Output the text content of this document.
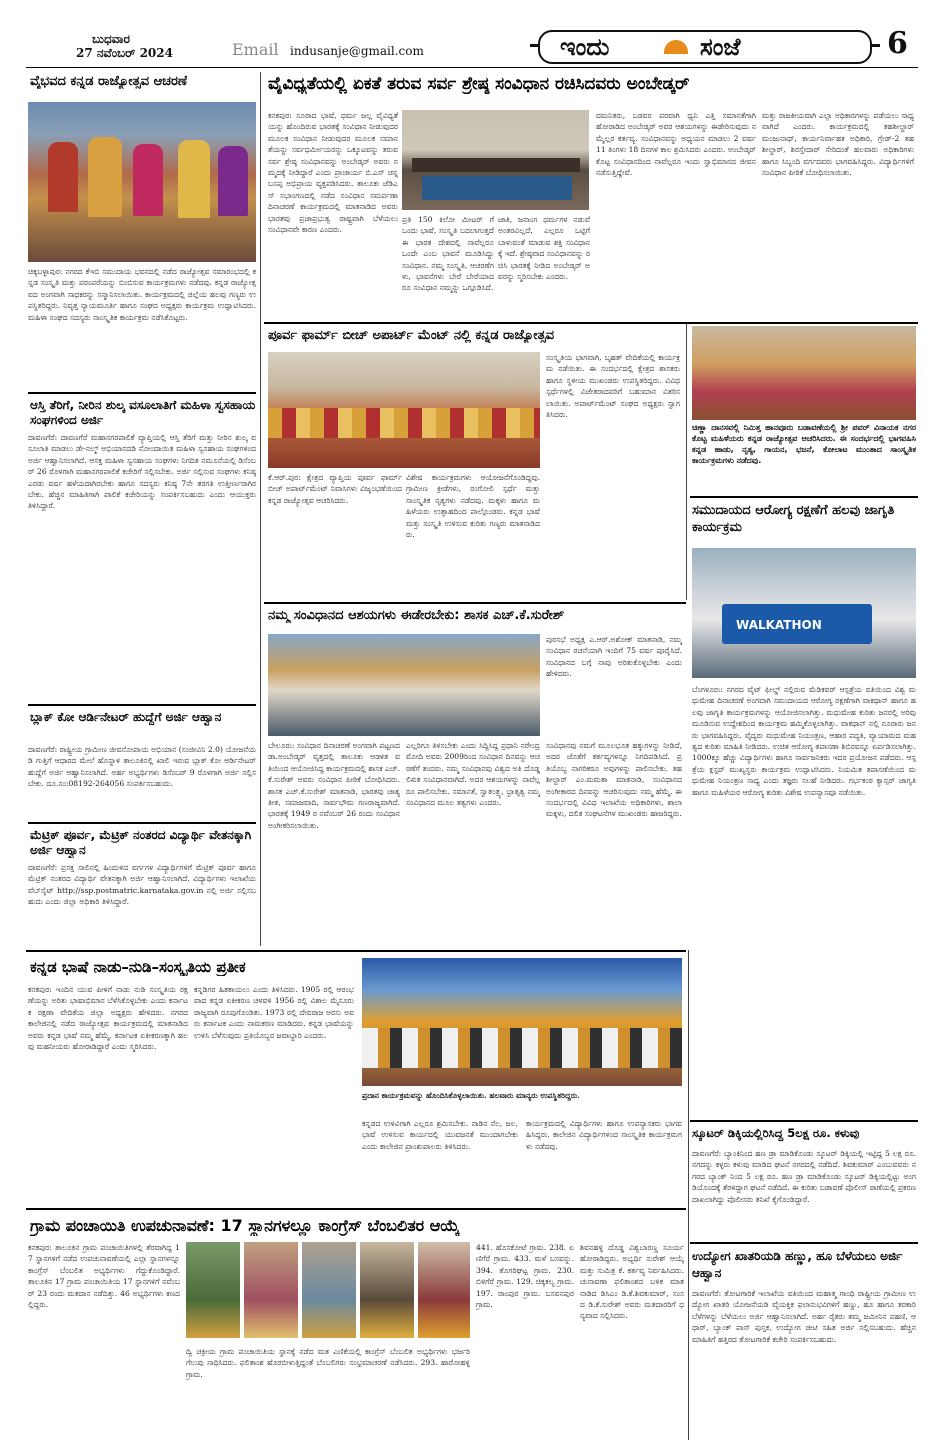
ಬುಧವಾರ
27 ನವೆಂಬರ್ 2024	Email indusanje@gmail.com	ಇಂದು	ಸಂಜೆ	6
ವೈಭವದ ಕನ್ನಡ ರಾಜ್ಯೋತ್ಸವ ಆಚರಣೆ
ಚಿಕ್ಕಬಳ್ಳಾಪುರ: ನಗರದ ಕೆಇಬಿ ಸಮುದಾಯ ಭವನದಲ್ಲಿ ನಡೆದ ರಾಜ್ಯೋತ್ಸವ ಸಮಾರಂಭದಲ್ಲಿ ಕನ್ನಡ ಸಂಸ್ಕೃತಿ ಮತ್ತು ಪರಂಪರೆಯನ್ನು ಬಿಂಬಿಸುವ ಕಾರ್ಯಕ್ರಮಗಳು ನಡೆದವು. ಕನ್ನಡ ರಾಜ್ಯೋತ್ಸವದ ಅಂಗವಾಗಿ ಸಾಧಕರನ್ನು ಸನ್ಮಾನಿಸಲಾಯಿತು. ಕಾರ್ಯಕ್ರಮದಲ್ಲಿ ಜಿಲ್ಲೆಯ ಹಲವು ಗಣ್ಯರು ಉಪಸ್ಥಿತರಿದ್ದರು. ನಿವೃತ್ತ ನ್ಯಾಯಮೂರ್ತಿ ಹಾಗೂ ಸಂಘದ ಅಧ್ಯಕ್ಷರು ಕಾರ್ಯಕ್ರಮ ಉದ್ಘಾಟಿಸಿದರು. ಮಹಿಳಾ ಸಂಘದ ಸದಸ್ಯರು ಸಾಂಸ್ಕೃತಿಕ ಕಾರ್ಯಕ್ರಮ ನಡೆಸಿಕೊಟ್ಟರು.
ಆಸ್ತಿ ತೆರಿಗೆ, ನೀರಿನ ಶುಲ್ಕ ವಸೂಲಾತಿಗೆ ಮಹಿಳಾ ಸ್ವಸಹಾಯ ಸಂಘಗಳಿಂದ ಅರ್ಜಿ
ದಾವಣಗೆರೆ: ದಾವಣಗೆರೆ ಮಹಾನಗರಪಾಲಿಕೆ ವ್ಯಾಪ್ತಿಯಲ್ಲಿ ಆಸ್ತಿ ತೆರಿಗೆ ಮತ್ತು ನೀರಿನ ಶುಲ್ಕ ವಸೂಲಾತಿ ಮಾಡಲು ಡೇ-ನಲ್ಮ್ ಅಭಿಯಾನದಡಿ ನೋಂದಾಯಿತ ಮಹಿಳಾ ಸ್ವಸಹಾಯ ಸಂಘಗಳಿಂದ ಅರ್ಜಿ ಆಹ್ವಾನಿಸಲಾಗಿದೆ. ಆಸಕ್ತ ಮಹಿಳಾ ಸ್ವಸಹಾಯ ಸಂಘಗಳು ನಿಗದಿತ ನಮೂನೆಯಲ್ಲಿ ಡಿಸೆಂಬರ್ 26 ರೊಳಗಾಗಿ ಮಹಾನಗರಪಾಲಿಕೆ ಕಚೇರಿಗೆ ಸಲ್ಲಿಸಬೇಕು. ಅರ್ಜಿ ಸಲ್ಲಿಸುವ ಸಂಘಗಳು ಕನಿಷ್ಠ ಎರಡು ವರ್ಷ ಹಳೆಯದಾಗಿರಬೇಕು ಹಾಗೂ ಸದಸ್ಯರು ಕನಿಷ್ಠ 7ನೇ ತರಗತಿ ಉತ್ತೀರ್ಣರಾಗಿರಬೇಕು. ಹೆಚ್ಚಿನ ಮಾಹಿತಿಗಾಗಿ ಪಾಲಿಕೆ ಕಚೇರಿಯನ್ನು ಸಂಪರ್ಕಿಸಬಹುದು ಎಂದು ಆಯುಕ್ತರು ತಿಳಿಸಿದ್ದಾರೆ.
ಬ್ಲಾಕ್ ಕೋ ಆರ್ಡಿನೇಟರ್ ಹುದ್ದೆಗೆ ಅರ್ಜಿ ಆಹ್ವಾನ
ದಾವಣಗೆರೆ: ರಾಷ್ಟ್ರೀಯ ಗ್ರಾಮೀಣ ಜೀವನೋಪಾಯ ಅಭಿಯಾನ (ಸಂಜೀವಿನಿ 2.0) ಯೋಜನೆಯಡಿ ಗುತ್ತಿಗೆ ಆಧಾರದ ಮೇಲೆ ಹೊನ್ನಾಳಿ ತಾಲೂಕಿನಲ್ಲಿ ಖಾಲಿ ಇರುವ ಬ್ಲಾಕ್ ಕೋ ಆರ್ಡಿನೇಟರ್ ಹುದ್ದೆಗೆ ಅರ್ಜಿ ಆಹ್ವಾನಿಸಲಾಗಿದೆ. ಅರ್ಹ ಅಭ್ಯರ್ಥಿಗಳು ಡಿಸೆಂಬರ್ 9 ರೊಳಗಾಗಿ ಅರ್ಜಿ ಸಲ್ಲಿಸಬೇಕು. ದೂ.ಸಂ:08192-264056 ಸಂಪರ್ಕಿಸಬಹುದು.
ಮೆಟ್ರಿಕ್ ಪೂರ್ವ, ಮೆಟ್ರಿಕ್ ನಂತರದ ವಿದ್ಯಾರ್ಥಿ ವೇತನಕ್ಕಾಗಿ ಅರ್ಜಿ ಆಹ್ವಾನ
ದಾವಣಗೆರೆ: ಪ್ರಸಕ್ತ ಸಾಲಿನಲ್ಲಿ ಹಿಂದುಳಿದ ವರ್ಗಗಳ ವಿದ್ಯಾರ್ಥಿಗಳಿಗೆ ಮೆಟ್ರಿಕ್ ಪೂರ್ವ ಹಾಗೂ ಮೆಟ್ರಿಕ್ ನಂತರದ ವಿದ್ಯಾರ್ಥಿ ವೇತನಕ್ಕಾಗಿ ಅರ್ಜಿ ಆಹ್ವಾನಿಸಲಾಗಿದೆ. ವಿದ್ಯಾರ್ಥಿಗಳು ಇಲಾಖೆಯ ವೆಬ್‌ಸೈಟ್ http://ssp.postmatric.karnataka.gov.in ನಲ್ಲಿ ಅರ್ಜಿ ಸಲ್ಲಿಸಬಹುದು ಎಂದು ಜಿಲ್ಲಾ ಅಧಿಕಾರಿ ತಿಳಿಸಿದ್ದಾರೆ.
ವೈವಿಧ್ಯತೆಯಲ್ಲಿ ಏಕತೆ ತರುವ ಸರ್ವ ಶ್ರೇಷ್ಠ ಸಂವಿಧಾನ ರಚಿಸಿದವರು ಅಂಬೇಡ್ಕರ್
ಕನಕಪುರ: ಸೂರಾದ ಭಾಷೆ, ಧರ್ಮ ಜಲ್ಲ ವೈವಿಧ್ಯತೆ ಯನ್ನು ಹೊಂದಿರುವ ಭಾರತಕ್ಕೆ ಸಂವಿಧಾನ ನೀಡುವುದರ ಮೂಲಕ ಸಂವಿಧಾನ ನೀಡುವುದರ ಮೂಲಕ ಸಮಾನತೆಯನ್ನು ಸರ್ವಧರ್ಮೀಯರನ್ನು ಒಕ್ಕೂಟವನ್ನು ತರುವ ಸರ್ವ ಶ್ರೇಷ್ಠ ಸಂವಿಧಾನವನ್ನು ಅಂಬೇಡ್ಕರ್ ಅವರು ನಮ್ಮದಕ್ಕೆ ನೀಡಿದ್ದಾರೆ ಎಂದು ಪ್ರಾಚಾರ್ಯ ಬಿ.ಎಸ್ ಚನ್ನಬಸಪ್ಪ ಅಭಿಪ್ರಾಯ ವ್ಯಕ್ತಪಡಿಸಿದರು. ತಾಲೂಕು ಜೆಡಿಎಸ್ ಸಭಾಂಗಣದಲ್ಲಿ ನಡೆದ ಸಂವಿಧಾನ ಸಮರ್ಪಣಾ ದಿನಾಚರಣೆ ಕಾರ್ಯಕ್ರಮದಲ್ಲಿ ಮಾತನಾಡಿದ ಅವರು ಭಾರತವು ಪ್ರಜಾಪ್ರಭುತ್ವ ರಾಷ್ಟ್ರವಾಗಿ ಬೆಳೆಯಲು ಸಂವಿಧಾನವೇ ಕಾರಣ ಎಂದರು.
ಪ್ರತಿ 150 ಕಿಲೋ ಮೀಟರ್ ಗೆ ಒಂದು ಭಾಷೆ, ಸಂಸ್ಕೃತಿ ಬದಲಾಗುತ್ತದೆ ಈ ಭಾರತ ದೇಶದಲ್ಲಿ ನಾವೆಲ್ಲರೂ ಒಂದೇ ಎಂಬ ಭಾವನೆ ಮೂಡಿಸಿದ್ದು ಸಂವಿಧಾನ. ನಮ್ಮ ಸಂಸ್ಕೃತಿ, ಆಚರಣೆಗಳು, ಭಾವನೆಗಳು ಬೇರೆ ಬೇರೆಯಾದರೂ ಸಂವಿಧಾನ ನಮ್ಮನ್ನು ಒಗ್ಗೂಡಿಸಿದೆ.
ಜಾತಿ, ಜನಾಂಗ ಧರ್ಮಗಳ ನಡುವೆ ಅಂತರವಿಲ್ಲದೆ, ಎಲ್ಲರೂ ಒಟ್ಟಿಗೆ ಬಾಳುವಂತೆ ಮಾಡುವ ಶಕ್ತಿ ಸಂವಿಧಾನಕ್ಕೆ ಇದೆ. ಶ್ರೇಷ್ಠವಾದ ಸಂವಿಧಾನವನ್ನು ರಚಿಸಿ ಭಾರತಕ್ಕೆ ನೀಡಿದ ಅಂಬೇಡ್ಕರ್ ಅವರನ್ನು ಸ್ಮರಿಸಬೇಕು ಎಂದರು.
ದಮನಿತರು, ಬಡವರ ಪರವಾಗಿ ಧ್ವನಿ ಎತ್ತಿ ಸಮಾನತೆಗಾಗಿ ಹೋರಾಡಿದ ಅಂಬೇಡ್ಕರ್ ಅವರ ಆಶಯಗಳನ್ನು ಈಡೇರಿಸುವುದು ನಮ್ಮೆಲ್ಲರ ಕರ್ತವ್ಯ. ಸಂವಿಧಾನವನ್ನು ಅಧ್ಯಯನ ಮಾಡಲು 2 ವರ್ಷ 11 ತಿಂಗಳು 18 ದಿನಗಳ ಕಾಲ ಶ್ರಮಿಸಿದರು ಎಂದರು. ಅಂಬೇಡ್ಕರ್ ಕೊಟ್ಟ ಸಂವಿಧಾನದಿಂದ ನಾವೆಲ್ಲರೂ ಇಂದು ಸ್ವಾಭಿಮಾನದ ಜೀವನ ನಡೆಸುತ್ತಿದ್ದೇವೆ.
ಮತ್ತು ರಾಜಕೀಯವಾಗಿ ಎಲ್ಲಾ ಅಧಿಕಾರಗಳನ್ನು ಪಡೆಯಲು ಸಾಧ್ಯವಾಗಿದೆ ಎಂದರು. ಕಾರ್ಯಕ್ರಮದಲ್ಲಿ ತಹಶೀಲ್ದಾರ್ ಮಂಜುನಾಥ್, ಕಾರ್ಯನಿರ್ವಾಹಕ ಅಧಿಕಾರಿ, ಗ್ರೇಡ್-2 ತಹಶೀಲ್ದಾರ್, ಶಿರಸ್ತೇದಾರ್ ಸೇರಿದಂತೆ ಹಲವಾರು ಅಧಿಕಾರಿಗಳು ಹಾಗೂ ಸಿಬ್ಬಂದಿ ವರ್ಗದವರು ಭಾಗವಹಿಸಿದ್ದರು. ವಿದ್ಯಾರ್ಥಿಗಳಿಗೆ ಸಂವಿಧಾನ ಪೀಠಿಕೆ ಬೋಧಿಸಲಾಯಿತು.
ಪೂರ್ವ ಫಾರ್ಮ್ ಬೀಚ್ ಅಪಾರ್ಟ್ ಮೆಂಟ್ ನಲ್ಲಿ ಕನ್ನಡ ರಾಜ್ಯೋತ್ಸವ
ಕೆ.ಆರ್.ಪುರ: ಕ್ಷೇತ್ರದ ವ್ಯಾಪ್ತಿಯ ಪೂರ್ವ ಫಾರ್ಮ್ ಬೀಚ್ ಅಪಾರ್ಟ್‌ಮೆಂಟ್ ನಿವಾಸಿಗಳು ವಿಜೃಂಭಣೆಯಿಂದ ಕನ್ನಡ ರಾಜ್ಯೋತ್ಸವ ಆಚರಿಸಿದರು.
ವಿಶೇಷ ಕಾರ್ಯಕ್ರಮಗಳು ಆಯೋಜನೆಗೊಂಡಿದ್ದವು. ಗ್ರಾಮೀಣ ಕ್ರೀಡೆಗಳು, ರಂಗೋಲಿ ಸ್ಪರ್ಧೆ ಮತ್ತು ಸಾಂಸ್ಕೃತಿಕ ನೃತ್ಯಗಳು ನಡೆದವು. ಮಕ್ಕಳು ಹಾಗೂ ಮಹಿಳೆಯರು ಉತ್ಸಾಹದಿಂದ ಪಾಲ್ಗೊಂಡರು. ಕನ್ನಡ ಭಾಷೆ ಮತ್ತು ಸಂಸ್ಕೃತಿ ಉಳಿಸುವ ಕುರಿತು ಗಣ್ಯರು ಮಾತನಾಡಿದರು.
ಸಂಸ್ಕೃತಿಯ ಭಾಗವಾಗಿ, ಬೃಹತ್ ವೇದಿಕೆಯಲ್ಲಿ ಕಾರ್ಯಕ್ರಮ ನಡೆಯಿತು. ಈ ಸಂದರ್ಭದಲ್ಲಿ ಕ್ಷೇತ್ರದ ಶಾಸಕರು ಹಾಗೂ ಸ್ಥಳೀಯ ಮುಖಂಡರು ಉಪಸ್ಥಿತರಿದ್ದರು. ವಿವಿಧ ಸ್ಪರ್ಧೆಗಳಲ್ಲಿ ವಿಜೇತರಾದವರಿಗೆ ಬಹುಮಾನ ವಿತರಿಸಲಾಯಿತು. ಅಪಾರ್ಟ್‌ಮೆಂಟ್ ಸಂಘದ ಅಧ್ಯಕ್ಷರು ಸ್ವಾಗತಿಸಿದರು.
ಚಿಣ್ಣಾ ದಾನಸವಲ್ಲಿ ನಿಮಿತ್ತ ಹಾನವೂರು ಬಡಾವಣೆಯಲ್ಲಿ ಶ್ರೀ ಪವರ್ ವಿನಾಯಕ ನಗರ ಕೊಟ್ಟ ಮಹಿಳೆಯರು ಕನ್ನಡ ರಾಜ್ಯೋತ್ಸವ ಆಚರಿಸಿದರು. ಈ ಸಂದರ್ಭದಲ್ಲಿ ಭಾಗವಹಿಸಿ ಕನ್ನಡ ಹಾಡು, ನೃತ್ಯ, ಗಾಯನ, ಭಜನೆ, ಕೋಲಾಟ ಮುಂತಾದ ಸಾಂಸ್ಕೃತಿಕ ಕಾರ್ಯಕ್ರಮಗಳು ನಡೆದವು.
ಸಮುದಾಯದ ಆರೋಗ್ಯ ರಕ್ಷಣೆಗೆ ಹಲವು ಜಾಗೃತಿ ಕಾರ್ಯಕ್ರಮ
WALKATHON
ಬೆಂಗಳೂರು: ನಗರದ ವೈಟ್ ಫೀಲ್ಡ್ ನಲ್ಲಿರುವ ಮೆಡಿಕವರ್ ಆಸ್ಪತ್ರೆಯ ವತಿಯಿಂದ ವಿಶ್ವ ಮಧುಮೇಹ ದಿನಾಚರಣೆ ಅಂಗವಾಗಿ ಸಮುದಾಯದ ಆರೋಗ್ಯ ರಕ್ಷಣೆಗಾಗಿ ವಾಕಥಾನ್ ಹಾಗೂ ಹಲವು ಜಾಗೃತಿ ಕಾರ್ಯಕ್ರಮಗಳನ್ನು ಆಯೋಜಿಸಲಾಗಿತ್ತು. ಮಧುಮೇಹ ಕುರಿತು ಜನರಲ್ಲಿ ಅರಿವು ಮೂಡಿಸುವ ಉದ್ದೇಶದಿಂದ ಕಾರ್ಯಕ್ರಮ ಹಮ್ಮಿಕೊಳ್ಳಲಾಗಿತ್ತು. ವಾಕಥಾನ್ ನಲ್ಲಿ ನೂರಾರು ಜನರು ಭಾಗವಹಿಸಿದ್ದರು. ವೈದ್ಯರು ಮಧುಮೇಹ ನಿಯಂತ್ರಣ, ಆಹಾರ ಪದ್ಧತಿ, ವ್ಯಾಯಾಮದ ಮಹತ್ವದ ಕುರಿತು ಮಾಹಿತಿ ನೀಡಿದರು. ಉಚಿತ ಆರೋಗ್ಯ ತಪಾಸಣಾ ಶಿಬಿರವನ್ನೂ ಏರ್ಪಡಿಸಲಾಗಿತ್ತು. 1000ಕ್ಕೂ ಹೆಚ್ಚು ವಿದ್ಯಾರ್ಥಿಗಳು ಹಾಗೂ ಸಾರ್ವಜನಿಕರು ಇದರ ಪ್ರಯೋಜನ ಪಡೆದರು. ಆಸ್ಪತ್ರೆಯ ಕ್ಲಸ್ಟರ್ ಮುಖ್ಯಸ್ಥರು ಕಾರ್ಯಕ್ರಮ ಉದ್ಘಾಟಿಸಿದರು. ನಿಯಮಿತ ತಪಾಸಣೆಯಿಂದ ಮಧುಮೇಹ ನಿಯಂತ್ರಣ ಸಾಧ್ಯ ಎಂದು ತಜ್ಞರು ಸಲಹೆ ನೀಡಿದರು. ಗರ್ಭಕಂಠ ಕ್ಯಾನ್ಸರ್ ಜಾಗೃತಿ ಹಾಗೂ ಮಹಿಳೆಯರ ಆರೋಗ್ಯ ಕುರಿತು ವಿಶೇಷ ಉಪನ್ಯಾಸವೂ ನಡೆಯಿತು.
ನಮ್ಮ ಸಂವಿಧಾನದ ಆಶಯಗಳು ಈಡೇರಬೇಕು: ಶಾಸಕ ಎಚ್.ಕೆ.ಸುರೇಶ್
ಪುರಸಭೆ ಅಧ್ಯಕ್ಷ ಎ.ಆರ್.ಅಶೋಕ್ ಮಾತನಾಡಿ, ನಮ್ಮ ಸಂವಿಧಾನ ರಚನೆಯಾಗಿ ಇಂದಿಗೆ 75 ವರ್ಷ ಪೂರೈಸಿದೆ. ಸಂವಿಧಾನದ ಬಗ್ಗೆ ನಾವು ಅರಿತುಕೊಳ್ಳಬೇಕು ಎಂದು ಹೇಳಿದರು.
ಬೇಲೂರು: ಸಂವಿಧಾನ ದಿನಾಚರಣೆ ಅಂಗವಾಗಿ ಪಟ್ಟಣದ ಡಾ.ಅಂಬೇಡ್ಕರ್ ವೃತ್ತದಲ್ಲಿ ತಾಲೂಕು ಆಡಳಿತ ವತಿಯಿಂದ ಆಯೋಜಿಸಿದ್ದ ಕಾರ್ಯಕ್ರಮದಲ್ಲಿ ಶಾಸಕ ಎಚ್.ಕೆ.ಸುರೇಶ್ ಅವರು ಸಂವಿಧಾನ ಪೀಠಿಕೆ ಬೋಧಿಸಿದರು. ಶಾಸಕ ಎಚ್.ಕೆ.ಸುರೇಶ್ ಮಾತನಾಡಿ, ಭಾರತವು ಜಾತ್ಯತೀತ, ಸಮಾಜವಾದಿ, ಸಾರ್ವಭೌಮ ಗಣರಾಜ್ಯವಾಗಿದೆ. ಭಾರತಕ್ಕೆ 1949 ರ ನವೆಂಬರ್ 26 ರಂದು ಸಂವಿಧಾನ ಅಂಗೀಕರಿಸಲಾಯಿತು.
ಎಲ್ಲರಿಗೂ ತಿಳಿಸಬೇಕು ಎಂದು ಸಿದ್ದಿಸಿದ್ದ ಪ್ರಧಾನಿ ನರೇಂದ್ರ ಮೋದಿ ಅವರು 2009ರಿಂದ ಸಂವಿಧಾನ ದಿನವನ್ನು ಆಚರಣೆಗೆ ತಂದರು. ನಮ್ಮ ಸಂವಿಧಾನವು ವಿಶ್ವದ ಅತಿ ದೊಡ್ಡ ಲಿಖಿತ ಸಂವಿಧಾನವಾಗಿದೆ. ಅದರ ಆಶಯಗಳನ್ನು ನಾವೆಲ್ಲರೂ ಪಾಲಿಸಬೇಕು. ಸಮಾನತೆ, ಸ್ವಾತಂತ್ರ್ಯ, ಭ್ರಾತೃತ್ವ ನಮ್ಮ ಸಂವಿಧಾನದ ಮೂಲ ತತ್ವಗಳು ಎಂದರು.
ಸಂವಿಧಾನವು ನಮಗೆ ಮೂಲಭೂತ ಹಕ್ಕುಗಳನ್ನು ನೀಡಿದೆ, ಅದರ ಜೊತೆಗೆ ಕರ್ತವ್ಯಗಳನ್ನೂ ನಿಗದಿಪಡಿಸಿದೆ. ಪ್ರತಿಯೊಬ್ಬ ನಾಗರಿಕರೂ ಅವುಗಳನ್ನು ಪಾಲಿಸಬೇಕು. ತಹಶೀಲ್ದಾರ್ ಎಂ.ಮಮತಾ ಮಾತನಾಡಿ, ಸಂವಿಧಾನದ ಅಂಗೀಕಾರದ ದಿನವನ್ನು ಆಚರಿಸುವುದು ನಮ್ಮ ಹೆಮ್ಮೆ. ಈ ಸಂದರ್ಭದಲ್ಲಿ ವಿವಿಧ ಇಲಾಖೆಯ ಅಧಿಕಾರಿಗಳು, ಶಾಲಾ ಮಕ್ಕಳು, ದಲಿತ ಸಂಘಟನೆಗಳ ಮುಖಂಡರು ಹಾಜರಿದ್ದರು.
ಕನ್ನಡ ಭಾಷೆ ನಾಡು–ನುಡಿ–ಸಂಸ್ಕೃತಿಯ ಪ್ರತೀಕ
ಕನಕಪುರ: ಇಂದಿನ ಯುವ ಪೀಳಿಗೆ ನಾಡು ನುಡಿ ಸಂಸ್ಕೃತಿಯ ರಕ್ಷಣೆಯನ್ನು ಅರಿತು ಭಾಷಾಭಿಮಾನ ಬೆಳೆಸಿಕೊಳ್ಳಬೇಕು ಎಂದು ಕರ್ನಾಟಕ ರಕ್ಷಣಾ ವೇದಿಕೆಯ ಜಿಲ್ಲಾ ಅಧ್ಯಕ್ಷರು ಹೇಳಿದರು. ನಗರದ ಕಾಲೇಜಿನಲ್ಲಿ ನಡೆದ ರಾಜ್ಯೋತ್ಸವ ಕಾರ್ಯಕ್ರಮದಲ್ಲಿ ಮಾತನಾಡಿದ ಅವರು ಕನ್ನಡ ಭಾಷೆ ನಮ್ಮ ಹೆಮ್ಮೆ. ಕರ್ನಾಟಕ ಏಕೀಕರಣಕ್ಕಾಗಿ ಹಲವು ಮಹನೀಯರು ಹೋರಾಡಿದ್ದಾರೆ ಎಂದು ಸ್ಮರಿಸಿದರು.
ಕನ್ನಡಿಗರ ಹಿತಕಾಯಲು ಎಂದು ತಿಳಿಸಿದರು. 1905 ರಲ್ಲಿ ಆರಂಭವಾದ ಕನ್ನಡ ಏಕೀಕರಣ ಚಳವಳಿ 1956 ರಲ್ಲಿ ವಿಶಾಲ ಮೈಸೂರು ರಾಜ್ಯವಾಗಿ ರೂಪುಗೊಂಡಿತು. 1973 ರಲ್ಲಿ ದೇವರಾಜ ಅರಸು ಅವರು ಕರ್ನಾಟಕ ಎಂದು ನಾಮಕರಣ ಮಾಡಿದರು. ಕನ್ನಡ ಭಾಷೆಯನ್ನು ಉಳಿಸಿ ಬೆಳೆಸುವುದು ಪ್ರತಿಯೊಬ್ಬರ ಜವಾಬ್ದಾರಿ ಎಂದರು.
ಪ್ರದಾನ ಕಾರ್ಯಕ್ರಮವನ್ನು ಹೊಂದಿಸಿಕೊಳ್ಳಲಾಯಿತು. ಹಲವಾರು ಮಾನ್ಯರು ಉಪಸ್ಥಿತರಿದ್ದರು.
ಕನ್ನಡದ ಉಳಿವಿಗಾಗಿ ಎಲ್ಲರೂ ಶ್ರಮಿಸಬೇಕು. ನಾಡಿನ ನೆಲ, ಜಲ, ಭಾಷೆ ಉಳಿಸುವ ಕಾರ್ಯದಲ್ಲಿ ಯುವಜನತೆ ಮುಂದಾಗಬೇಕು ಎಂದು ಕಾಲೇಜಿನ ಪ್ರಾಂಶುಪಾಲರು ತಿಳಿಸಿದರು.
ಕಾರ್ಯಕ್ರಮದಲ್ಲಿ ವಿದ್ಯಾರ್ಥಿಗಳು ಹಾಗೂ ಉಪನ್ಯಾಸಕರು ಭಾಗವಹಿಸಿದ್ದರು. ಕಾಲೇಜಿನ ವಿದ್ಯಾರ್ಥಿಗಳಿಂದ ಸಾಂಸ್ಕೃತಿಕ ಕಾರ್ಯಕ್ರಮಗಳು ನಡೆದವು.
ಗ್ರಾಮ ಪಂಚಾಯಿತಿ ಉಪಚುನಾವಣೆ: 17 ಸ್ಥಾನಗಳಲ್ಲೂ ಕಾಂಗ್ರೆಸ್ ಬೆಂಬಲಿತರ ಆಯ್ಕೆ
ಕನಕಪುರ: ತಾಲೂಕಿನ ಗ್ರಾಮ ಪಂಚಾಯಿತಿಗಳಲ್ಲಿ ತೆರವಾಗಿದ್ದ 17 ಸ್ಥಾನಗಳಿಗೆ ನಡೆದ ಉಪಚುನಾವಣೆಯಲ್ಲಿ ಎಲ್ಲಾ ಸ್ಥಾನಗಳನ್ನೂ ಕಾಂಗ್ರೆಸ್ ಬೆಂಬಲಿತ ಅಭ್ಯರ್ಥಿಗಳು ಗೆದ್ದುಕೊಂಡಿದ್ದಾರೆ. ತಾಲೂಕಿನ 17 ಗ್ರಾಮ ಪಂಚಾಯಿತಿಯ 17 ಸ್ಥಾನಗಳಿಗೆ ನವೆಂಬರ್ 23 ರಂದು ಮತದಾನ ನಡೆದಿತ್ತು. 46 ಅಭ್ಯರ್ಥಿಗಳು ಕಣದಲ್ಲಿದ್ದರು.
ದ್ವಿ ಚಕ್ರೀಯ ಗ್ರಾಮ ಪಂಚಾಯಿತಿಯ ಸ್ಥಾನಕ್ಕೆ ನಡೆದ ಮತ ಎಣಿಕೆಯಲ್ಲಿ ಕಾಂಗ್ರೆಸ್ ಬೆಂಬಲಿತ ಅಭ್ಯರ್ಥಿಗಳು ಭರ್ಜರಿ ಗೆಲುವು ಸಾಧಿಸಿದರು. ಫಲಿತಾಂಶ ಹೊರಬೀಳುತ್ತಿದ್ದಂತೆ ಬೆಂಬಲಿಗರು ಸಂಭ್ರಮಾಚರಣೆ ನಡೆಸಿದರು. 293. ಹಾರೋಹಳ್ಳಿ ಗ್ರಾಮ.
441. ಹೊಸಕೋಟೆ ಗ್ರಾಮ. 238. ಏಣಿಗೆರೆ ಗ್ರಾಮ. 433. ಮಳೆ ಬಸವನ್ನು. 394. ತೊಗರಿಘಟ್ಟ ಗ್ರಾಮ. 230. ಬಿಳಿಗೆರೆ ಗ್ರಾಮ. 129. ಚಿಕ್ಕಕಲ್ಯ ಗ್ರಾಮ. 197. ರಾಂಪುರ ಗ್ರಾಮ. ಬಸವನಪುರ ಗ್ರಾಮ.
ಶಿವನಹಳ್ಳಿ ದೊಡ್ಡ ವಿಶ್ವಬಾರಣ್ಣ ಸೂರ್ಯ ಹೋರಾಡಿದ್ದರು. ಅಭ್ಯರ್ಥಿ ಸುರೇಶ್ ಆಯ್ಕೆ ಮತ್ತು ಸುಮಿತ್ರ ಕೆ. ಕರ್ತವ್ಯ ನಿರ್ವಹಿಸಿದರು. ಚುನಾವಣಾ ಫಲಿತಾಂಶದ ಬಳಿಕ ಮಾತನಾಡಿದ ಡಿಸಿಎಂ ಡಿ.ಕೆ.ಶಿವಕುಮಾರ್, ಸಂಸದ ಡಿ.ಕೆ.ಸುರೇಶ್ ಅವರು ಮತದಾರರಿಗೆ ಧನ್ಯವಾದ ಸಲ್ಲಿಸಿದರು.
ಸ್ಕೂಟರ್ ಡಿಕ್ಕಿಯಲ್ಲಿರಿಸಿದ್ದ 5ಲಕ್ಷ ರೂ. ಕಳುವು
ದಾವಣಗೆರೆ: ಬ್ಯಾಂಕಿನಿಂದ ಹಣ ಡ್ರಾ ಮಾಡಿಕೊಂಡು ಸ್ಕೂಟರ್ ಡಿಕ್ಕಿಯಲ್ಲಿ ಇಟ್ಟಿದ್ದ 5 ಲಕ್ಷ ರೂ. ನಗದನ್ನು ಕಳ್ಳರು ಕಳುವು ಮಾಡಿದ ಘಟನೆ ನಗರದಲ್ಲಿ ನಡೆದಿದೆ. ಶಿವಕುಮಾರ್ ಎಂಬುವವರು ನಗರದ ಬ್ಯಾಂಕ್ ನಿಂದ 5 ಲಕ್ಷ ರೂ. ಹಣ ಡ್ರಾ ಮಾಡಿಕೊಂಡು ಸ್ಕೂಟರ್ ಡಿಕ್ಕಿಯಲ್ಲಿಟ್ಟು ಅಂಗಡಿಯೊಂದಕ್ಕೆ ತೆರಳಿದ್ದಾಗ ಘಟನೆ ನಡೆದಿದೆ. ಈ ಕುರಿತು ಬಡಾವಣೆ ಪೊಲೀಸ್ ಠಾಣೆಯಲ್ಲಿ ಪ್ರಕರಣ ದಾಖಲಾಗಿದ್ದು ಪೊಲೀಸರು ತನಿಖೆ ಕೈಗೊಂಡಿದ್ದಾರೆ.
ಉದ್ಯೋಗ ಖಾತರಿಯಡಿ ಹಣ್ಣು, ಹೂ ಬೆಳೆಯಲು ಅರ್ಜಿ ಆಹ್ವಾನ
ದಾವಣಗೆರೆ: ತೋಟಗಾರಿಕೆ ಇಲಾಖೆಯ ವತಿಯಿಂದ ಮಹಾತ್ಮ ಗಾಂಧಿ ರಾಷ್ಟ್ರೀಯ ಗ್ರಾಮೀಣ ಉದ್ಯೋಗ ಖಾತರಿ ಯೋಜನೆಯಡಿ ವೈಯಕ್ತಿಕ ಫಲಾನುಭವಿಗಳಿಗೆ ಹಣ್ಣು, ಹೂ ಹಾಗೂ ತರಕಾರಿ ಬೆಳೆಗಳನ್ನು ಬೆಳೆಯಲು ಅರ್ಜಿ ಆಹ್ವಾನಿಸಲಾಗಿದೆ. ಅರ್ಹ ರೈತರು ತಮ್ಮ ಜಮೀನಿನ ಪಹಣಿ, ಆಧಾರ್, ಬ್ಯಾಂಕ್ ಪಾಸ್ ಪುಸ್ತಕ, ಉದ್ಯೋಗ ಚೀಟಿ ಸಹಿತ ಅರ್ಜಿ ಸಲ್ಲಿಸಬಹುದು. ಹೆಚ್ಚಿನ ಮಾಹಿತಿಗೆ ಹತ್ತಿರದ ತೋಟಗಾರಿಕೆ ಕಚೇರಿ ಸಂಪರ್ಕಿಸಬಹುದು.
